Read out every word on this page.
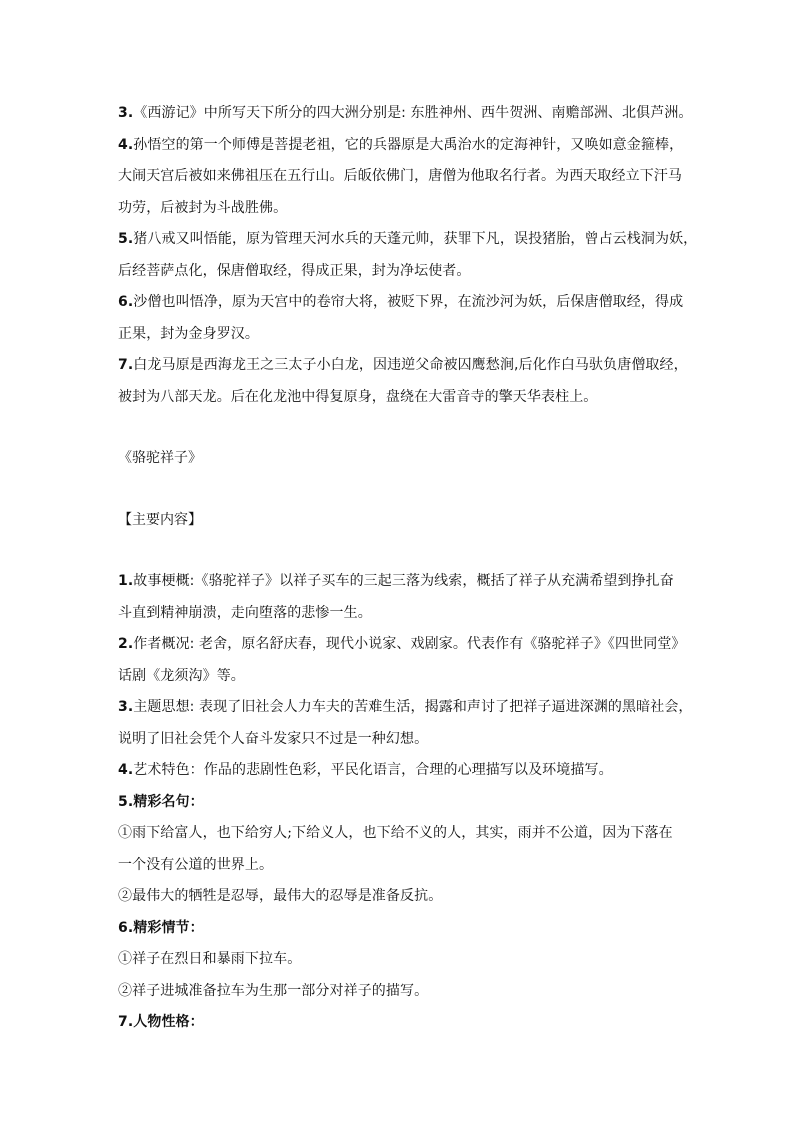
3.《西游记》中所写天下所分的四大洲分别是: 东胜神州、西牛贺洲、南赡部洲、北俱芦洲。
4.孙悟空的第一个师傅是菩提老祖，它的兵器原是大禹治水的定海神针，又唤如意金箍棒，
大闹天宫后被如来佛祖压在五行山。后皈依佛门，唐僧为他取名行者。为西天取经立下汗马
功劳，后被封为斗战胜佛。
5.猪八戒又叫悟能，原为管理天河水兵的天蓬元帅，获罪下凡，误投猪胎，曾占云栈洞为妖，
后经菩萨点化，保唐僧取经，得成正果，封为净坛使者。
6.沙僧也叫悟净，原为天宫中的卷帘大将，被贬下界，在流沙河为妖，后保唐僧取经，得成
正果，封为金身罗汉。
7.白龙马原是西海龙王之三太子小白龙，因违逆父命被囚鹰愁涧,后化作白马驮负唐僧取经，
被封为八部天龙。后在化龙池中得复原身，盘绕在大雷音寺的擎天华表柱上。
《骆驼祥子》
【主要内容】
1.故事梗概:《骆驼祥子》以祥子买车的三起三落为线索，概括了祥子从充满希望到挣扎奋
斗直到精神崩溃，走向堕落的悲惨一生。
2.作者概况: 老舍，原名舒庆春，现代小说家、戏剧家。代表作有《骆驼祥子》《四世同堂》
话剧《龙须沟》等。
3.主题思想: 表现了旧社会人力车夫的苦难生活，揭露和声讨了把祥子逼进深渊的黑暗社会，
说明了旧社会凭个人奋斗发家只不过是一种幻想。
4.艺术特色：作品的悲剧性色彩，平民化语言，合理的心理描写以及环境描写。
5.精彩名句：
①雨下给富人，也下给穷人;下给义人，也下给不义的人，其实，雨并不公道，因为下落在
一个没有公道的世界上。
②最伟大的牺牲是忍辱，最伟大的忍辱是准备反抗。
6.精彩情节：
①祥子在烈日和暴雨下拉车。
②祥子进城准备拉车为生那一部分对祥子的描写。
7.人物性格：
